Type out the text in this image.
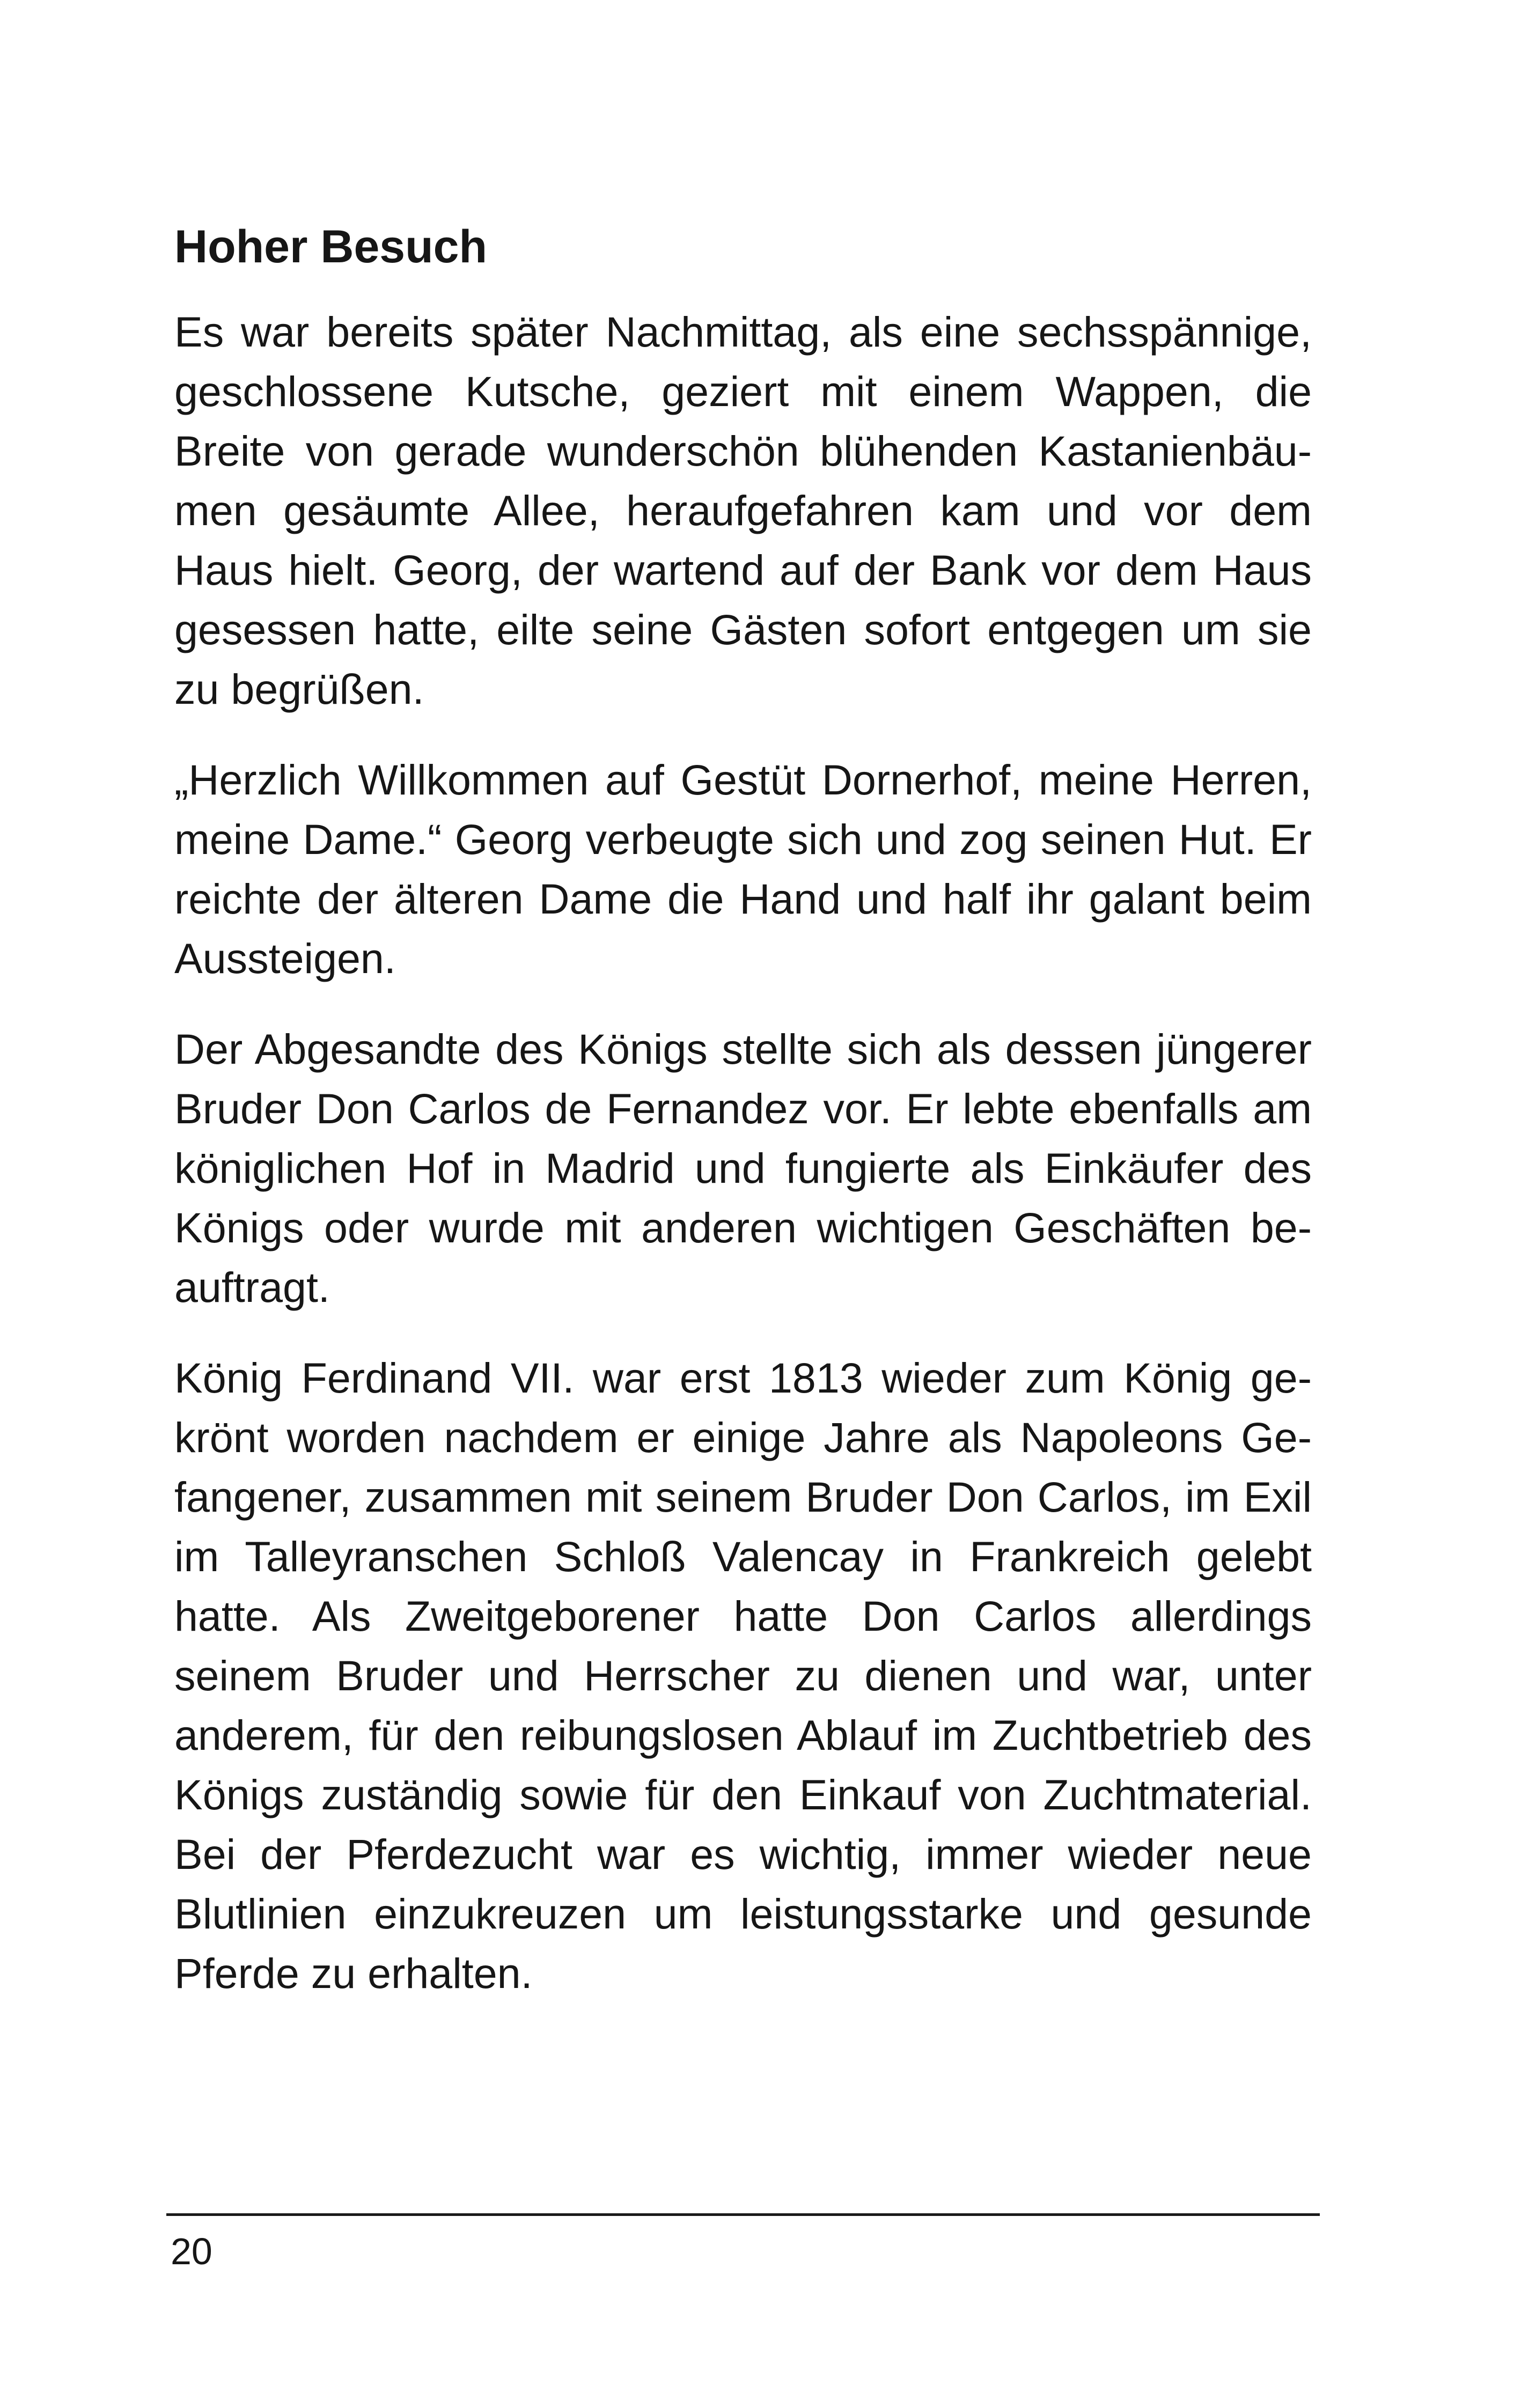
Hoher Besuch

Es war bereits später Nachmittag, als eine sechsspännige, geschlossene Kutsche, geziert mit einem Wappen, die Breite von gerade wunderschön blühenden Kastanienbäumen gesäumte Allee, heraufgefahren kam und vor dem Haus hielt. Georg, der wartend auf der Bank vor dem Haus gesessen hatte, eilte seine Gästen sofort entgegen um sie zu begrüßen.

„Herzlich Willkommen auf Gestüt Dornerhof, meine Herren, meine Dame.“ Georg verbeugte sich und zog seinen Hut. Er reichte der älteren Dame die Hand und half ihr galant beim Aussteigen.

Der Abgesandte des Königs stellte sich als dessen jüngerer Bruder Don Carlos de Fernandez vor. Er lebte ebenfalls am königlichen Hof in Madrid und fungierte als Einkäufer des Königs oder wurde mit anderen wichtigen Geschäften beauftragt.

König Ferdinand VII. war erst 1813 wieder zum König gekrönt worden nachdem er einige Jahre als Napoleons Gefangener, zusammen mit seinem Bruder Don Carlos, im Exil im Talleyranschen Schloß Valencay in Frankreich gelebt hatte. Als Zweitgeborener hatte Don Carlos allerdings seinem Bruder und Herrscher zu dienen und war, unter anderem, für den reibungslosen Ablauf im Zuchtbetrieb des Königs zuständig sowie für den Einkauf von Zuchtmaterial. Bei der Pferdezucht war es wichtig, immer wieder neue Blutlinien einzukreuzen um leistungsstarke und gesunde Pferde zu erhalten.

20
